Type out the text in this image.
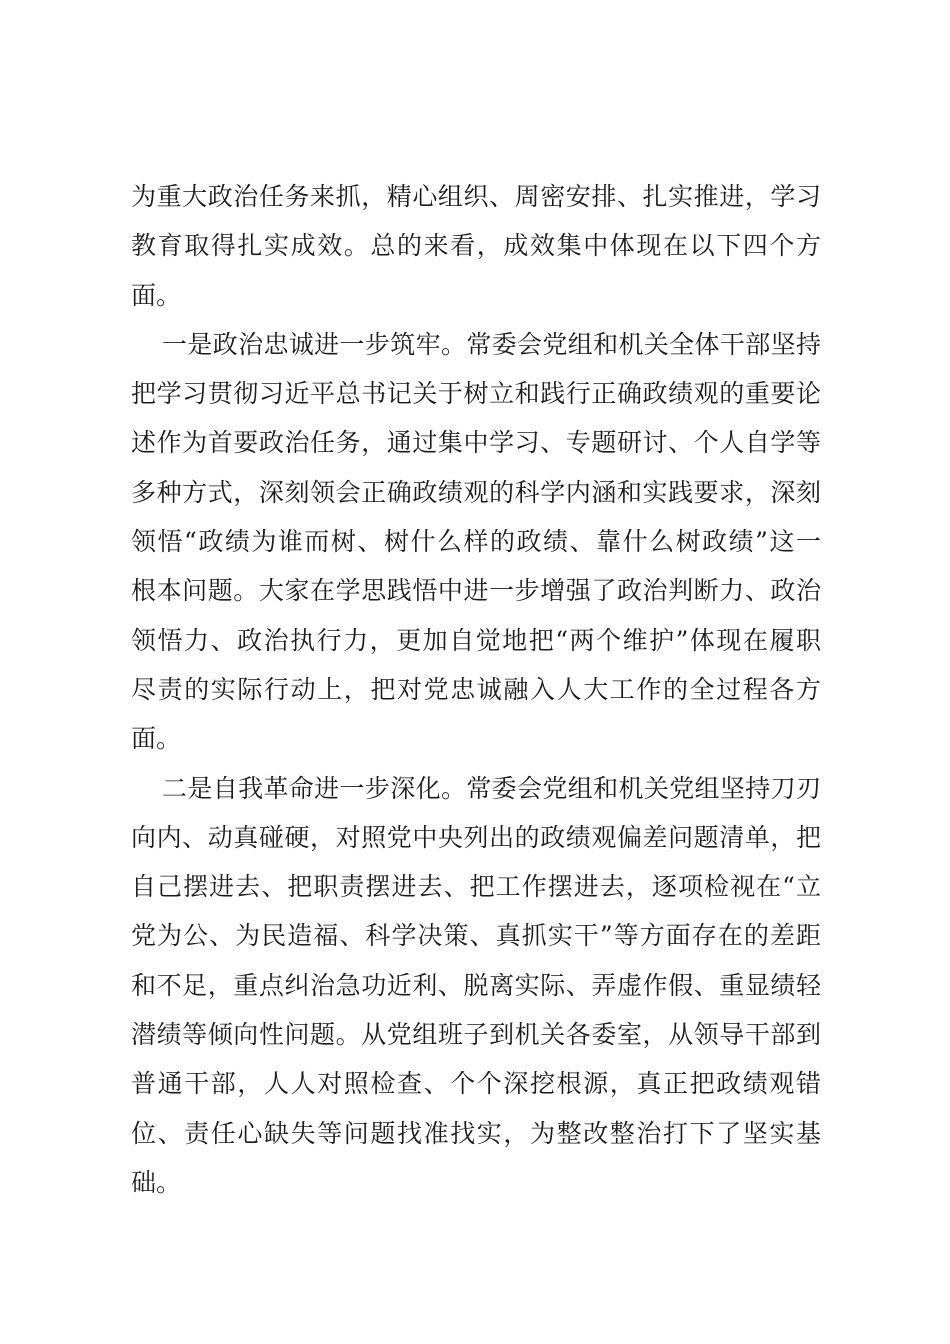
为重大政治任务来抓，精心组织、周密安排、扎实推进，学习
教育取得扎实成效。总的来看，成效集中体现在以下四个方
面。
一是政治忠诚进一步筑牢。常委会党组和机关全体干部坚持
把学习贯彻习近平总书记关于树立和践行正确政绩观的重要论
述作为首要政治任务，通过集中学习、专题研讨、个人自学等
多种方式，深刻领会正确政绩观的科学内涵和实践要求，深刻
领悟“政绩为谁而树、树什么样的政绩、靠什么树政绩”这一
根本问题。大家在学思践悟中进一步增强了政治判断力、政治
领悟力、政治执行力，更加自觉地把“两个维护”体现在履职
尽责的实际行动上，把对党忠诚融入人大工作的全过程各方
面。
二是自我革命进一步深化。常委会党组和机关党组坚持刀刃
向内、动真碰硬，对照党中央列出的政绩观偏差问题清单，把
自己摆进去、把职责摆进去、把工作摆进去，逐项检视在“立
党为公、为民造福、科学决策、真抓实干”等方面存在的差距
和不足，重点纠治急功近利、脱离实际、弄虚作假、重显绩轻
潜绩等倾向性问题。从党组班子到机关各委室，从领导干部到
普通干部，人人对照检查、个个深挖根源，真正把政绩观错
位、责任心缺失等问题找准找实，为整改整治打下了坚实基
础。
